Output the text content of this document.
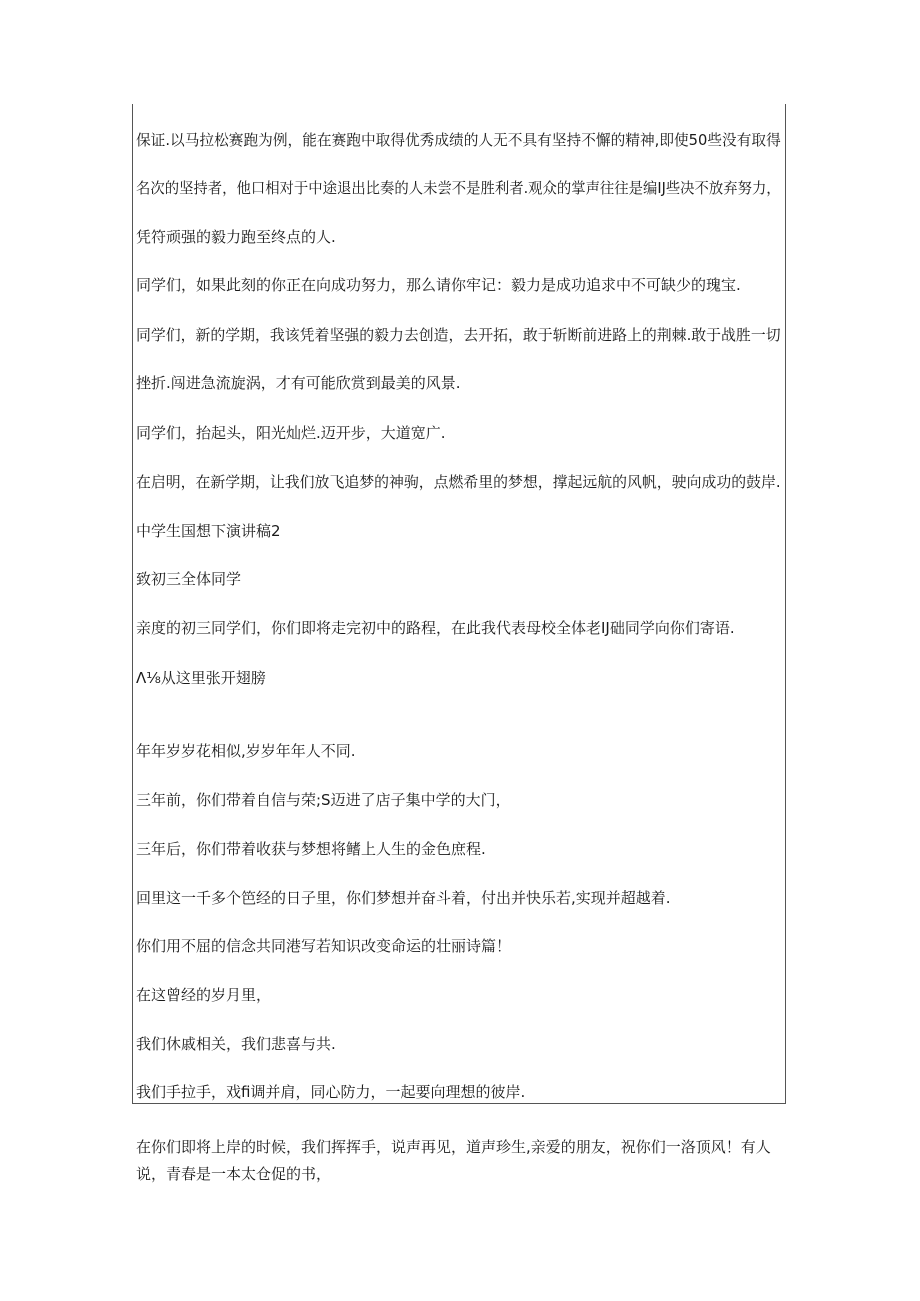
保证.以马拉松赛跑为例，能在赛跑中取得优秀成绩的人无不具有坚持不懈的精神,即使50些没有取得
名次的坚持者，他口相对于中途退出比奏的人未尝不是胜利者.观众的掌声往往是编IJ些决不放弃努力，
凭符顽强的毅力跑至终点的人.
同学们，如果此刻的你正在向成功努力，那么请你牢记：毅力是成功追求中不可缺少的瑰宝.
同学们，新的学期，我该凭着坚强的毅力去创造，去开拓，敢于斩断前进路上的荆棘.敢于战胜一切
挫折.闯进急流旋涡，才有可能欣赏到最美的风景.
同学们，抬起头，阳光灿烂.迈开步，大道宽广.
在启明，在新学期，让我们放飞追梦的神驹，点燃希里的梦想，撑起远航的风帆，驶向成功的鼓岸.
中学生国想下演讲稿2
致初三全体同学
亲度的初三同学们，你们即将走完初中的路程，在此我代表母校全体老IJ础同学向你们寄语.
Λ⅛从这里张开翅膀
年年岁岁花相似,岁岁年年人不同.
三年前，你们带着自信与荣;S迈进了店子集中学的大门，
三年后，你们带着收获与梦想将鳍上人生的金色庶程.
回里这一千多个笆经的日子里，你们梦想并奋斗着，付出并快乐若,实现并超越着.
你们用不屈的信念共同港写若知识改变命运的壮丽诗篇！
在这曾经的岁月里，
我们休戚相关，我们悲喜与共.
我们手拉手，戏fi调并肩，同心防力，一起要向理想的彼岸.
在你们即将上岸的时候，我们挥挥手，说声再见，道声珍生,亲爱的朋友，祝你们一洛顶风！有人
说，青春是一本太仓促的书，
